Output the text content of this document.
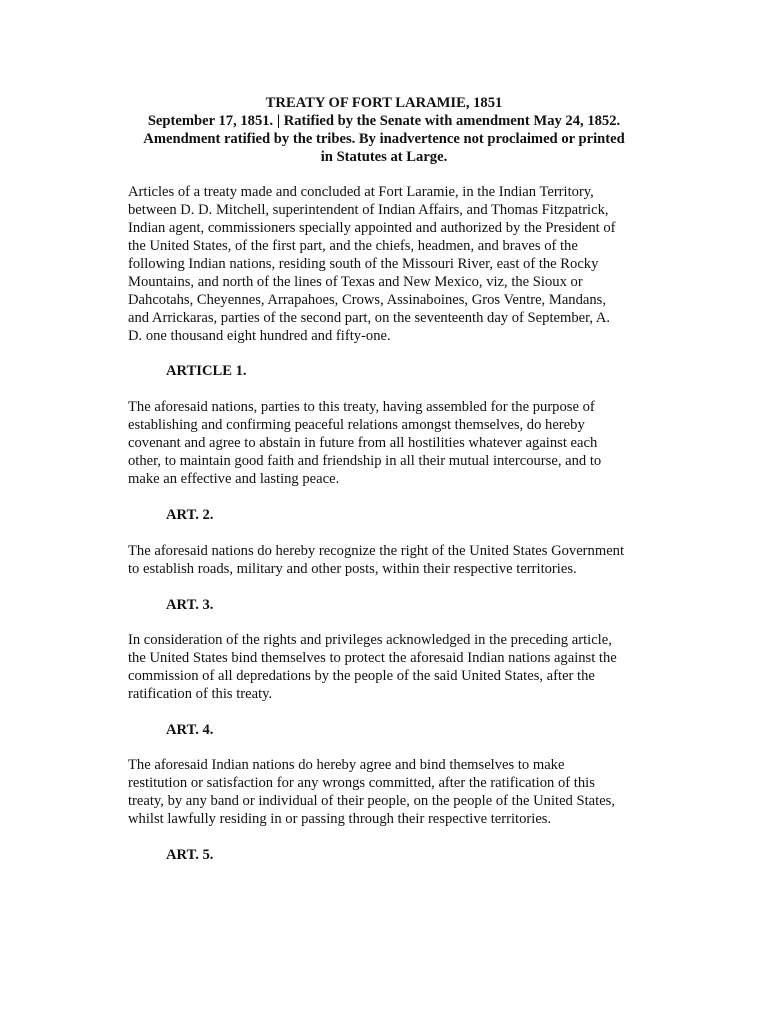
TREATY OF FORT LARAMIE, 1851
September 17, 1851. | Ratified by the Senate with amendment May 24, 1852.
Amendment ratified by the tribes. By inadvertence not proclaimed or printed
in Statutes at Large.
Articles of a treaty made and concluded at Fort Laramie, in the Indian Territory,
between D. D. Mitchell, superintendent of Indian Affairs, and Thomas Fitzpatrick,
Indian agent, commissioners specially appointed and authorized by the President of
the United States, of the first part, and the chiefs, headmen, and braves of the
following Indian nations, residing south of the Missouri River, east of the Rocky
Mountains, and north of the lines of Texas and New Mexico, viz, the Sioux or
Dahcotahs, Cheyennes, Arrapahoes, Crows, Assinaboines, Gros Ventre, Mandans,
and Arrickaras, parties of the second part, on the seventeenth day of September, A.
D. one thousand eight hundred and fifty-one.
ARTICLE 1.
The aforesaid nations, parties to this treaty, having assembled for the purpose of
establishing and confirming peaceful relations amongst themselves, do hereby
covenant and agree to abstain in future from all hostilities whatever against each
other, to maintain good faith and friendship in all their mutual intercourse, and to
make an effective and lasting peace.
ART. 2.
The aforesaid nations do hereby recognize the right of the United States Government
to establish roads, military and other posts, within their respective territories.
ART. 3.
In consideration of the rights and privileges acknowledged in the preceding article,
the United States bind themselves to protect the aforesaid Indian nations against the
commission of all depredations by the people of the said United States, after the
ratification of this treaty.
ART. 4.
The aforesaid Indian nations do hereby agree and bind themselves to make
restitution or satisfaction for any wrongs committed, after the ratification of this
treaty, by any band or individual of their people, on the people of the United States,
whilst lawfully residing in or passing through their respective territories.
ART. 5.
